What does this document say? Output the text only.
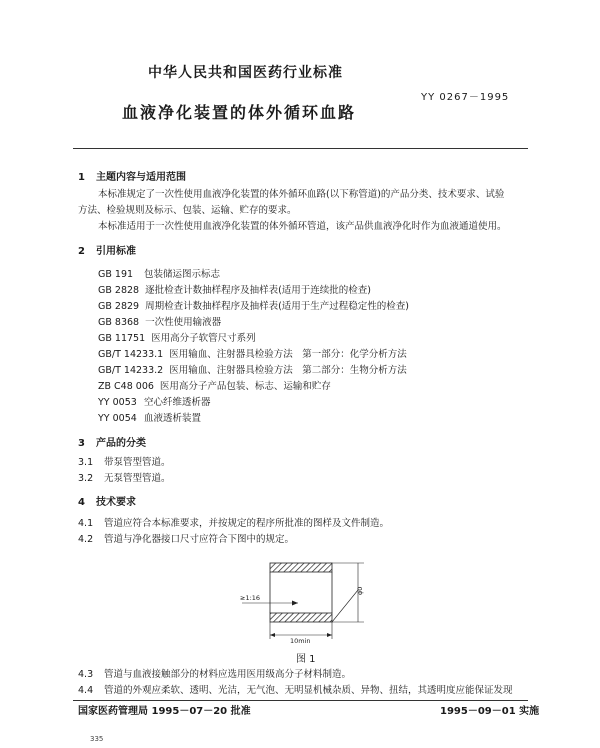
中华人民共和国医药行业标准
YY 0267－1995
血液净化装置的体外循环血路
1 主题内容与适用范围
本标准规定了一次性使用血液净化装置的体外循环血路(以下称管道)的产品分类、技术要求、试验
方法、检验规则及标示、包装、运输、贮存的要求。
本标准适用于一次性使用血液净化装置的体外循环管道，该产品供血液净化时作为血液通道使用。
2 引用标准
GB 191 包装储运图示标志
GB 2828 逐批检查计数抽样程序及抽样表(适用于连续批的检查)
GB 2829 周期检查计数抽样程序及抽样表(适用于生产过程稳定性的检查)
GB 8368 一次性使用输液器
GB 11751 医用高分子软管尺寸系列
GB/T 14233.1 医用输血、注射器具检验方法　第一部分：化学分析方法
GB/T 14233.2 医用输血、注射器具检验方法　第二部分：生物分析方法
ZB C48 006 医用高分子产品包装、标志、运输和贮存
YY 0053 空心纤维透析器
YY 0054 血液透析装置
3 产品的分类
3.1 带泵管型管道。
3.2 无泵管型管道。
4 技术要求
4.1 管道应符合本标准要求，并按规定的程序所批准的图样及文件制造。
4.2 管道与净化器接口尺寸应符合下图中的规定。
≥1:16
10min
φ0
图 1
4.3 管道与血液接触部分的材料应选用医用级高分子材料制造。
4.4 管道的外观应柔软、透明、光洁，无气泡、无明显机械杂质、异物、扭结，其透明度应能保证发现
国家医药管理局 1995－07－20 批准	1995－09－01 实施
335
